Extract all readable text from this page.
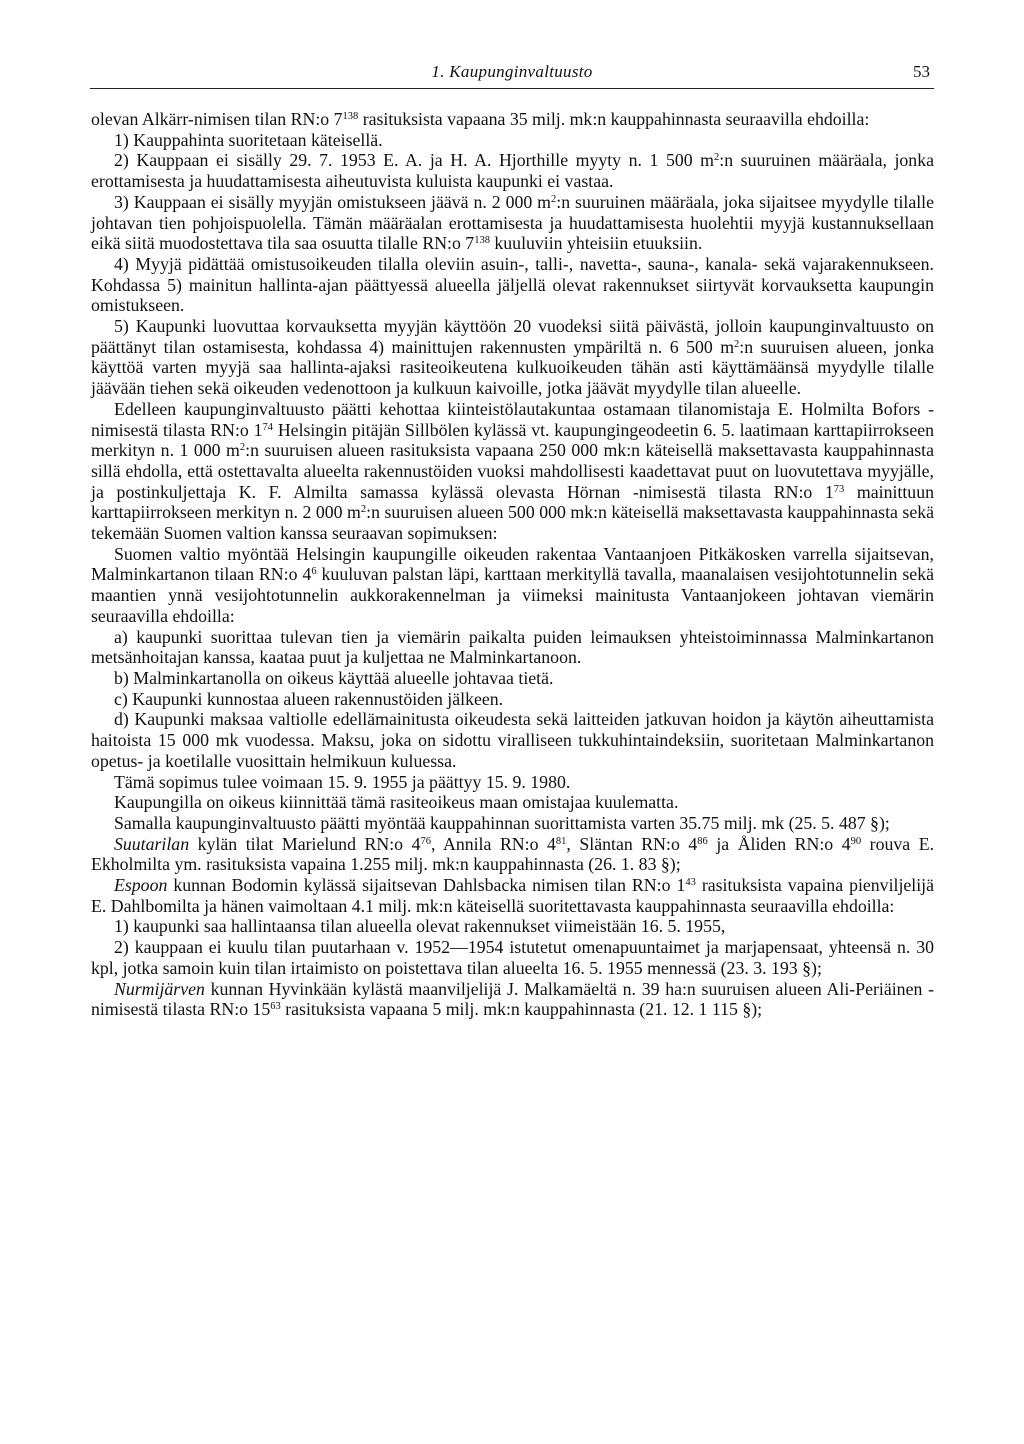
1. Kaupunginvaltuusto	53

olevan Alkärr-nimisen tilan RN:o $7^{138}$ rasituksista vapaana 35 milj. mk:n kauppahinnasta seuraavilla ehdoilla:

1) Kauppahinta suoritetaan käteisellä.

2) Kauppaan ei sisälly 29. 7. 1953 E. A. ja H. A. Hjorthille myyty n. 1 500 $m^2:n$ suuruinen määräala, jonka erottamisesta ja huudattamisesta aiheutuvista kuluista kaupunki ei vastaa.

3) Kauppaan ei sisälly myyjän omistukseen jäävä n. 2 000 $m^2:n$ suuruinen määräala, joka sijaitsee myydylle tilalle johtavan tien pohjoispuolella. Tämän määräalan erottamisesta ja huudattamisesta huolehtii myyjä kustannuksellaan eikä siitä muodostettava tila saa osuutta tilalle RN:o $7^{138}$ kuuluviin yhteisiin etuuksiin.

4) Myyjä pidättää omistusoikeuden tilalla oleviin asuin-, talli-, navetta-, sauna-, kanala- sekä vajarakennukseen. Kohdassa 5) mainitun hallinta-ajan päättyessä alueella jäljellä olevat rakennukset siirtyvät korvauksetta kaupungin omistukseen.

5) Kaupunki luovuttaa korvauksetta myyjän käyttöön 20 vuodeksi siitä päivästä, jolloin kaupunginvaltuusto on päättänyt tilan ostamisesta, kohdassa 4) mainittujen rakennusten ympäriltä n. 6 500 $m^2:n$ suuruisen alueen, jonka käyttöä varten myyjä saa hallinta-ajaksi rasiteoikeutena kulkuoikeuden tähän asti käyttämäänsä myydylle tilalle jäävään tiehen sekä oikeuden vedenottoon ja kulkuun kaivoille, jotka jäävät myydylle tilan alueelle.

Edelleen kaupunginvaltuusto päätti kehottaa kiinteistölautakuntaa ostamaan tilanomistaja E. Holmilta Bofors -nimisestä tilasta RN:o $1^{74}$ Helsingin pitäjän Sillbölen kylässä vt. kaupungingeodeetin 6. 5. laatimaan karttapiirrokseen merkityn n. 1 000 $m^2:n$ suuruisen alueen rasituksista vapaana 250 000 mk:n käteisellä maksettavasta kauppahinnasta sillä ehdolla, että ostettavalta alueelta rakennustöiden vuoksi mahdollisesti kaadettavat puut on luovutettava myyjälle, ja postinkuljettaja K. F. Almilta samassa kylässä olevasta Hörnan -nimisestä tilasta RN:o $1^{73}$ mainittuun karttapiirrokseen merkityn n. 2 000 $m^2:n$ suuruisen alueen 500 000 mk:n käteisellä maksettavasta kauppahinnasta sekä tekemään Suomen valtion kanssa seuraavan sopimuksen:

Suomen valtio myöntää Helsingin kaupungille oikeuden rakentaa Vantaanjoen Pitkäkosken varrella sijaitsevan, Malminkartanon tilaan RN:o $4^6$ kuuluvan palstan läpi, karttaan merkityllä tavalla, maanalaisen vesijohtotunnelin sekä maantien ynnä vesijohtotunnelin aukkorakennelman ja viimeksi mainitusta Vantaanjokeen johtavan viemärin seuraavilla ehdoilla:

a) kaupunki suorittaa tulevan tien ja viemärin paikalta puiden leimauksen yhteistoiminnassa Malminkartanon metsänhoitajan kanssa, kaataa puut ja kuljettaa ne Malminkartanoon.

b) Malminkartanolla on oikeus käyttää alueelle johtavaa tietä.

c) Kaupunki kunnostaa alueen rakennustöiden jälkeen.

d) Kaupunki maksaa valtiolle edellämainitusta oikeudesta sekä laitteiden jatkuvan hoidon ja käytön aiheuttamista haitoista 15 000 mk vuodessa. Maksu, joka on sidottu viralliseen tukkuhintaindeksiin, suoritetaan Malminkartanon opetus- ja koetilalle vuosittain helmikuun kuluessa.

Tämä sopimus tulee voimaan 15. 9. 1955 ja päättyy 15. 9. 1980.

Kaupungilla on oikeus kiinnittää tämä rasiteoikeus maan omistajaa kuulematta.

Samalla kaupunginvaltuusto päätti myöntää kauppahinnan suorittamista varten 35.75 milj. mk (25. 5. 487 §);

Suutarilan kylän tilat Marielund RN:o $4^{76}$, Annila RN:o $4^{81}$, Släntan RN:o $4^{86}$ ja Åliden RN:o $4^{90}$ rouva E. Ekholmilta ym. rasituksista vapaina 1.255 milj. mk:n kauppahinnasta (26. 1. 83 §);

Espoon kunnan Bodomin kylässä sijaitsevan Dahlsbacka nimisen tilan RN:o $1^{43}$ rasituksista vapaina pienviljelijä E. Dahlbomilta ja hänen vaimoltaan 4.1 milj. mk:n käteisellä suoritettavasta kauppahinnasta seuraavilla ehdoilla:

1) kaupunki saa hallintaansa tilan alueella olevat rakennukset viimeistään 16. 5. 1955,

2) kauppaan ei kuulu tilan puutarhaan v. 1952—1954 istutetut omenapuuntaimet ja marjapensaat, yhteensä n. 30 kpl, jotka samoin kuin tilan irtaimisto on poistettava tilan alueelta 16. 5. 1955 mennessä (23. 3. 193 §);

Nurmijärven kunnan Hyvinkään kylästä maanviljelijä J. Malkamäeltä n. 39 ha:n suuruisen alueen Ali-Periäinen -nimisestä tilasta RN:o $15^{63}$ rasituksista vapaana 5 milj. mk:n kauppahinnasta (21. 12. 1 115 §);
